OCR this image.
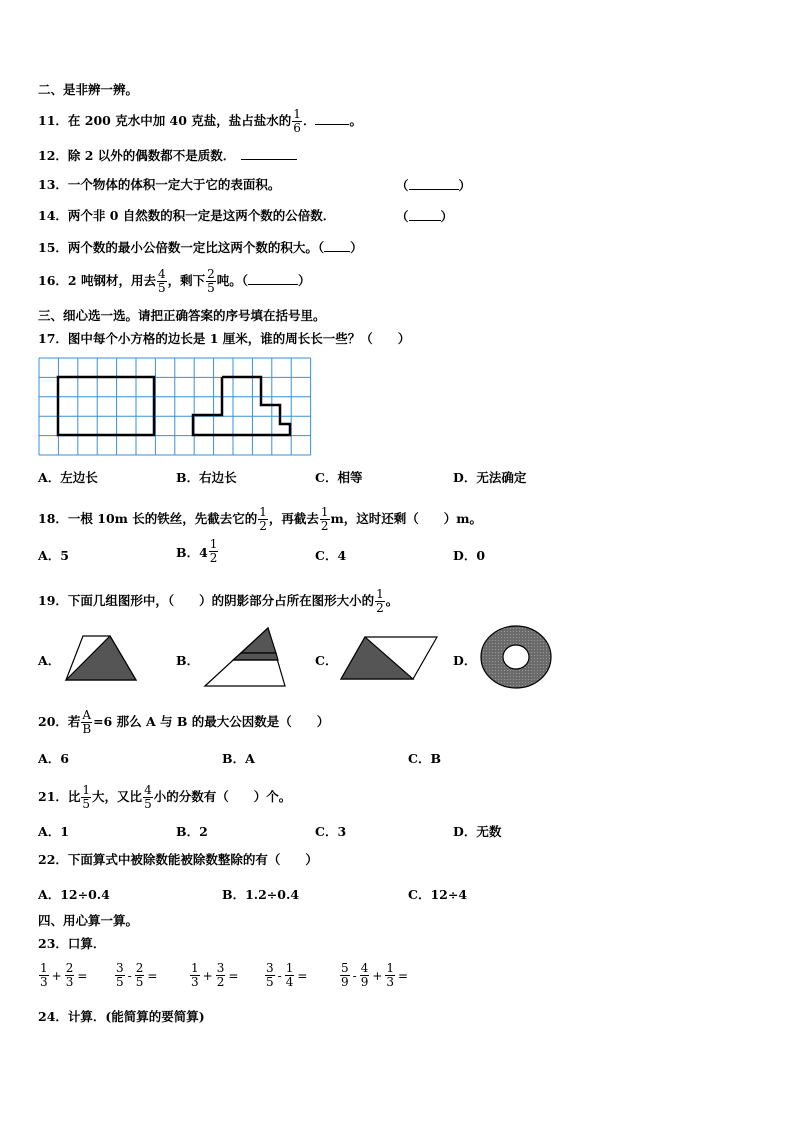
二、是非辨一辨。
11．在 200 克水中加 40 克盐，盐占盐水的 $\frac{1}{6}$ ．	。
12．除 2 以外的偶数都不是质数．
13．一个物体的体积一定大于它的表面积。	（	）
14．两个非 0 自然数的积一定是这两个数的公倍数．	（	）
15．两个数的最小公倍数一定比这两个数的积大。（ ）
16．2 吨钢材，用去 $\frac{4}{5}$ ，剩下 $\frac{2}{5}$ 吨。（	）
三、细心选一选。请把正确答案的序号填在括号里。
17．图中每个小方格的边长是 1 厘米，谁的周长长一些？（　　）
A．左边长	B．右边长	C．相等	D．无法确定
18．一根 10m 长的铁丝，先截去它的 $\frac{1}{2}$ ，再截去 $\frac{1}{2}$ m，这时还剩（　　）m。
A．5	B．$4 \frac{1}{2}$	C．4	D．0
19．下面几组图形中，（　　）的阴影部分占所在图形大小的 $\frac{1}{2}$ 。
A．	B．	C．	D．
20．若 $\frac{A}{B} =6$ 那么 A 与 B 的最大公因数是（　　）
A．6	B．A	C．B
21．比 $\frac{1}{5}$ 大，又比 $\frac{4}{5}$ 小的分数有（　　）个。
A．1	B．2	C．3	D．无数
22．下面算式中被除数能被除数整除的有（　　）
A．12÷0.4	B．1.2÷0.4	C．12÷4
四、用心算一算。
23．口算．
$\frac{1}{3} + \frac{2}{3} = \frac{3}{5} - \frac{2}{5}$ =	$\frac{1}{3} + \frac{3}{2} = \frac{3}{5} - \frac{1}{4}$ =	$\frac{5}{9} - \frac{4}{9} + \frac{1}{3}$ =
24．计算．(能简算的要简算)
